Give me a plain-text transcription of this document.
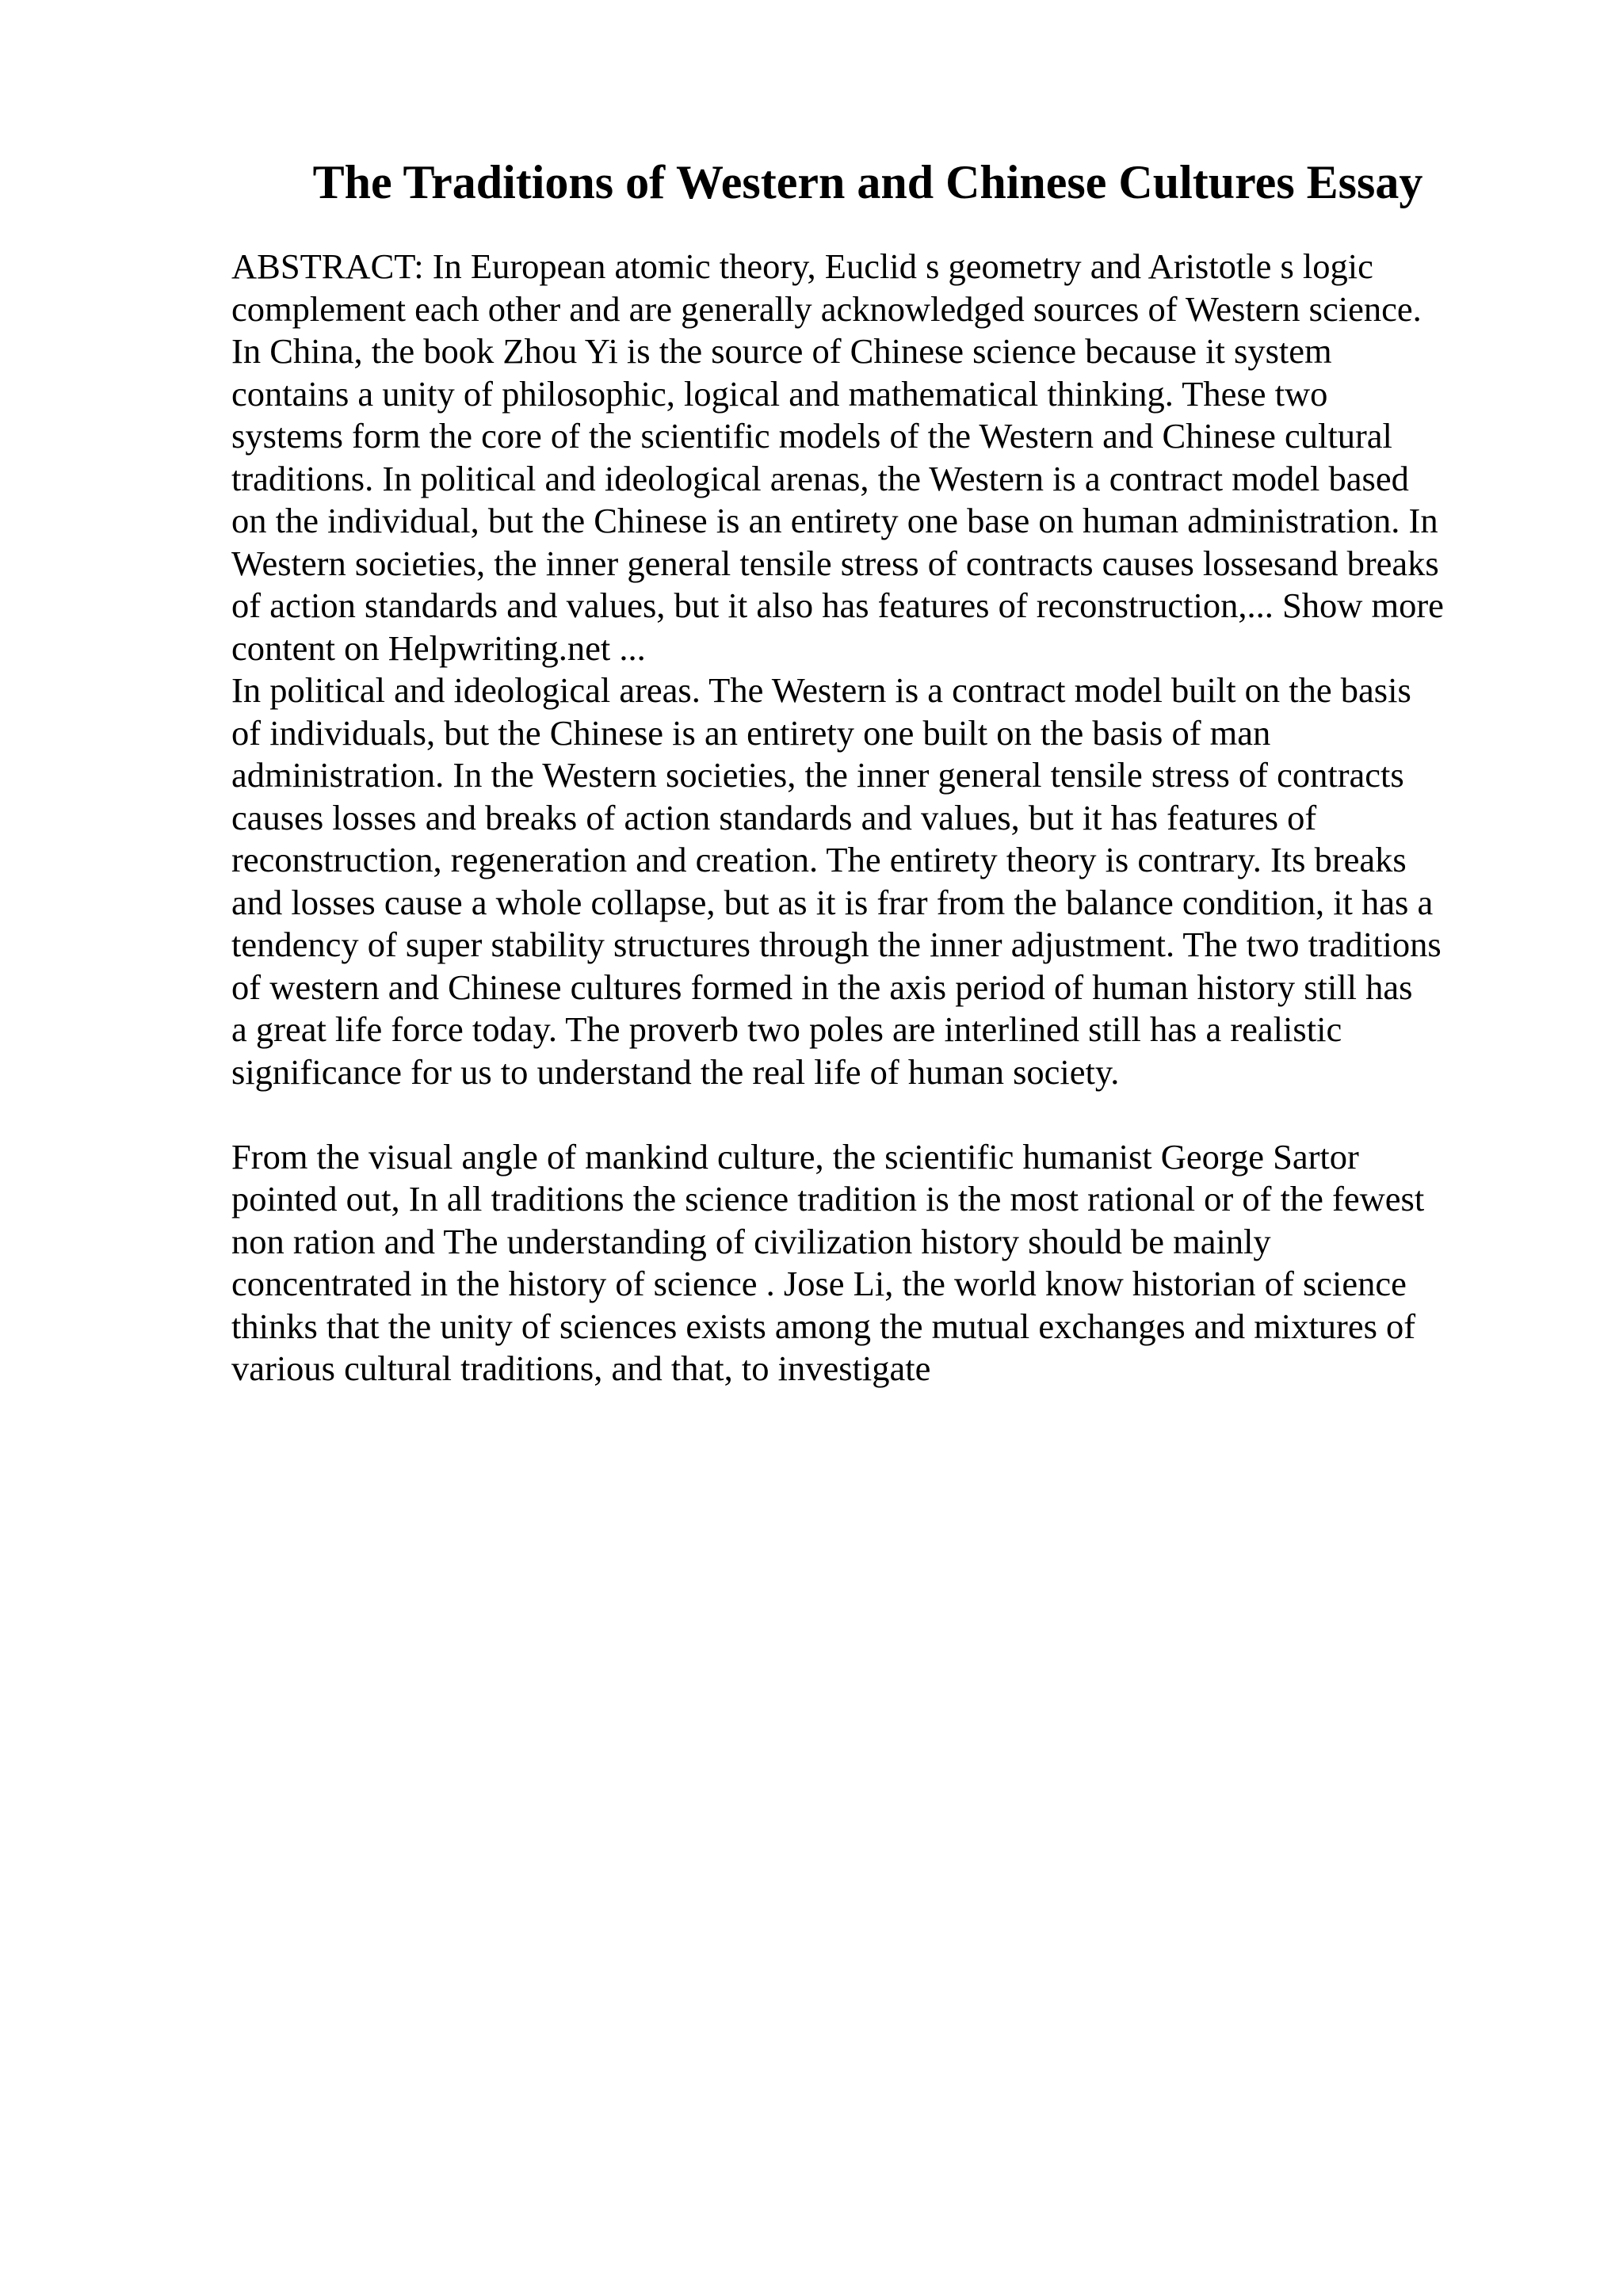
The Traditions of Western and Chinese Cultures Essay
ABSTRACT: In European atomic theory, Euclid s geometry and Aristotle s logic
complement each other and are generally acknowledged sources of Western science.
In China, the book Zhou Yi is the source of Chinese science because it system
contains a unity of philosophic, logical and mathematical thinking. These two
systems form the core of the scientific models of the Western and Chinese cultural
traditions. In political and ideological arenas, the Western is a contract model based
on the individual, but the Chinese is an entirety one base on human administration. In
Western societies, the inner general tensile stress of contracts causes lossesand breaks
of action standards and values, but it also has features of reconstruction,... Show more
content on Helpwriting.net ...
In political and ideological areas. The Western is a contract model built on the basis
of individuals, but the Chinese is an entirety one built on the basis of man
administration. In the Western societies, the inner general tensile stress of contracts
causes losses and breaks of action standards and values, but it has features of
reconstruction, regeneration and creation. The entirety theory is contrary. Its breaks
and losses cause a whole collapse, but as it is frar from the balance condition, it has a
tendency of super stability structures through the inner adjustment. The two traditions
of western and Chinese cultures formed in the axis period of human history still has
a great life force today. The proverb two poles are interlined still has a realistic
significance for us to understand the real life of human society.
From the visual angle of mankind culture, the scientific humanist George Sartor
pointed out, In all traditions the science tradition is the most rational or of the fewest
non ration and The understanding of civilization history should be mainly
concentrated in the history of science . Jose Li, the world know historian of science
thinks that the unity of sciences exists among the mutual exchanges and mixtures of
various cultural traditions, and that, to investigate
